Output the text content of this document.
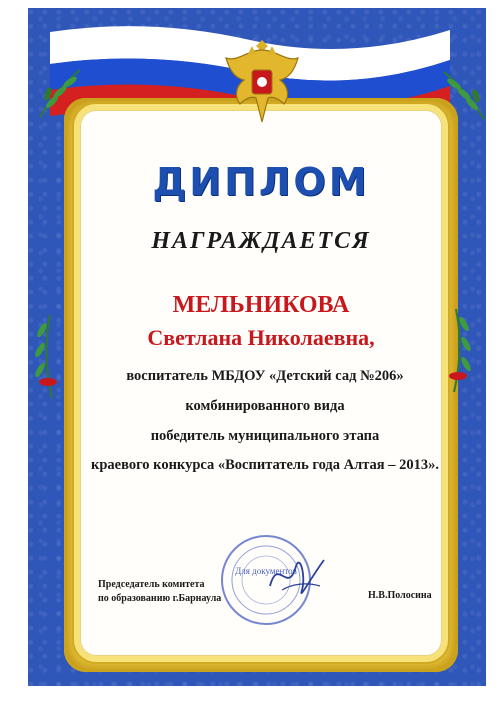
ДИПЛОМ
НАГРАЖДАЕТСЯ
МЕЛЬНИКОВА
Светлана Николаевна,
воспитатель МБДОУ «Детский сад №206»
комбинированного вида
победитель муниципального этапа
краевого конкурса «Воспитатель года Алтая – 2013».
Для документов
Председатель комитета
по образованию г.Барнаула	Н.В.Полосина
